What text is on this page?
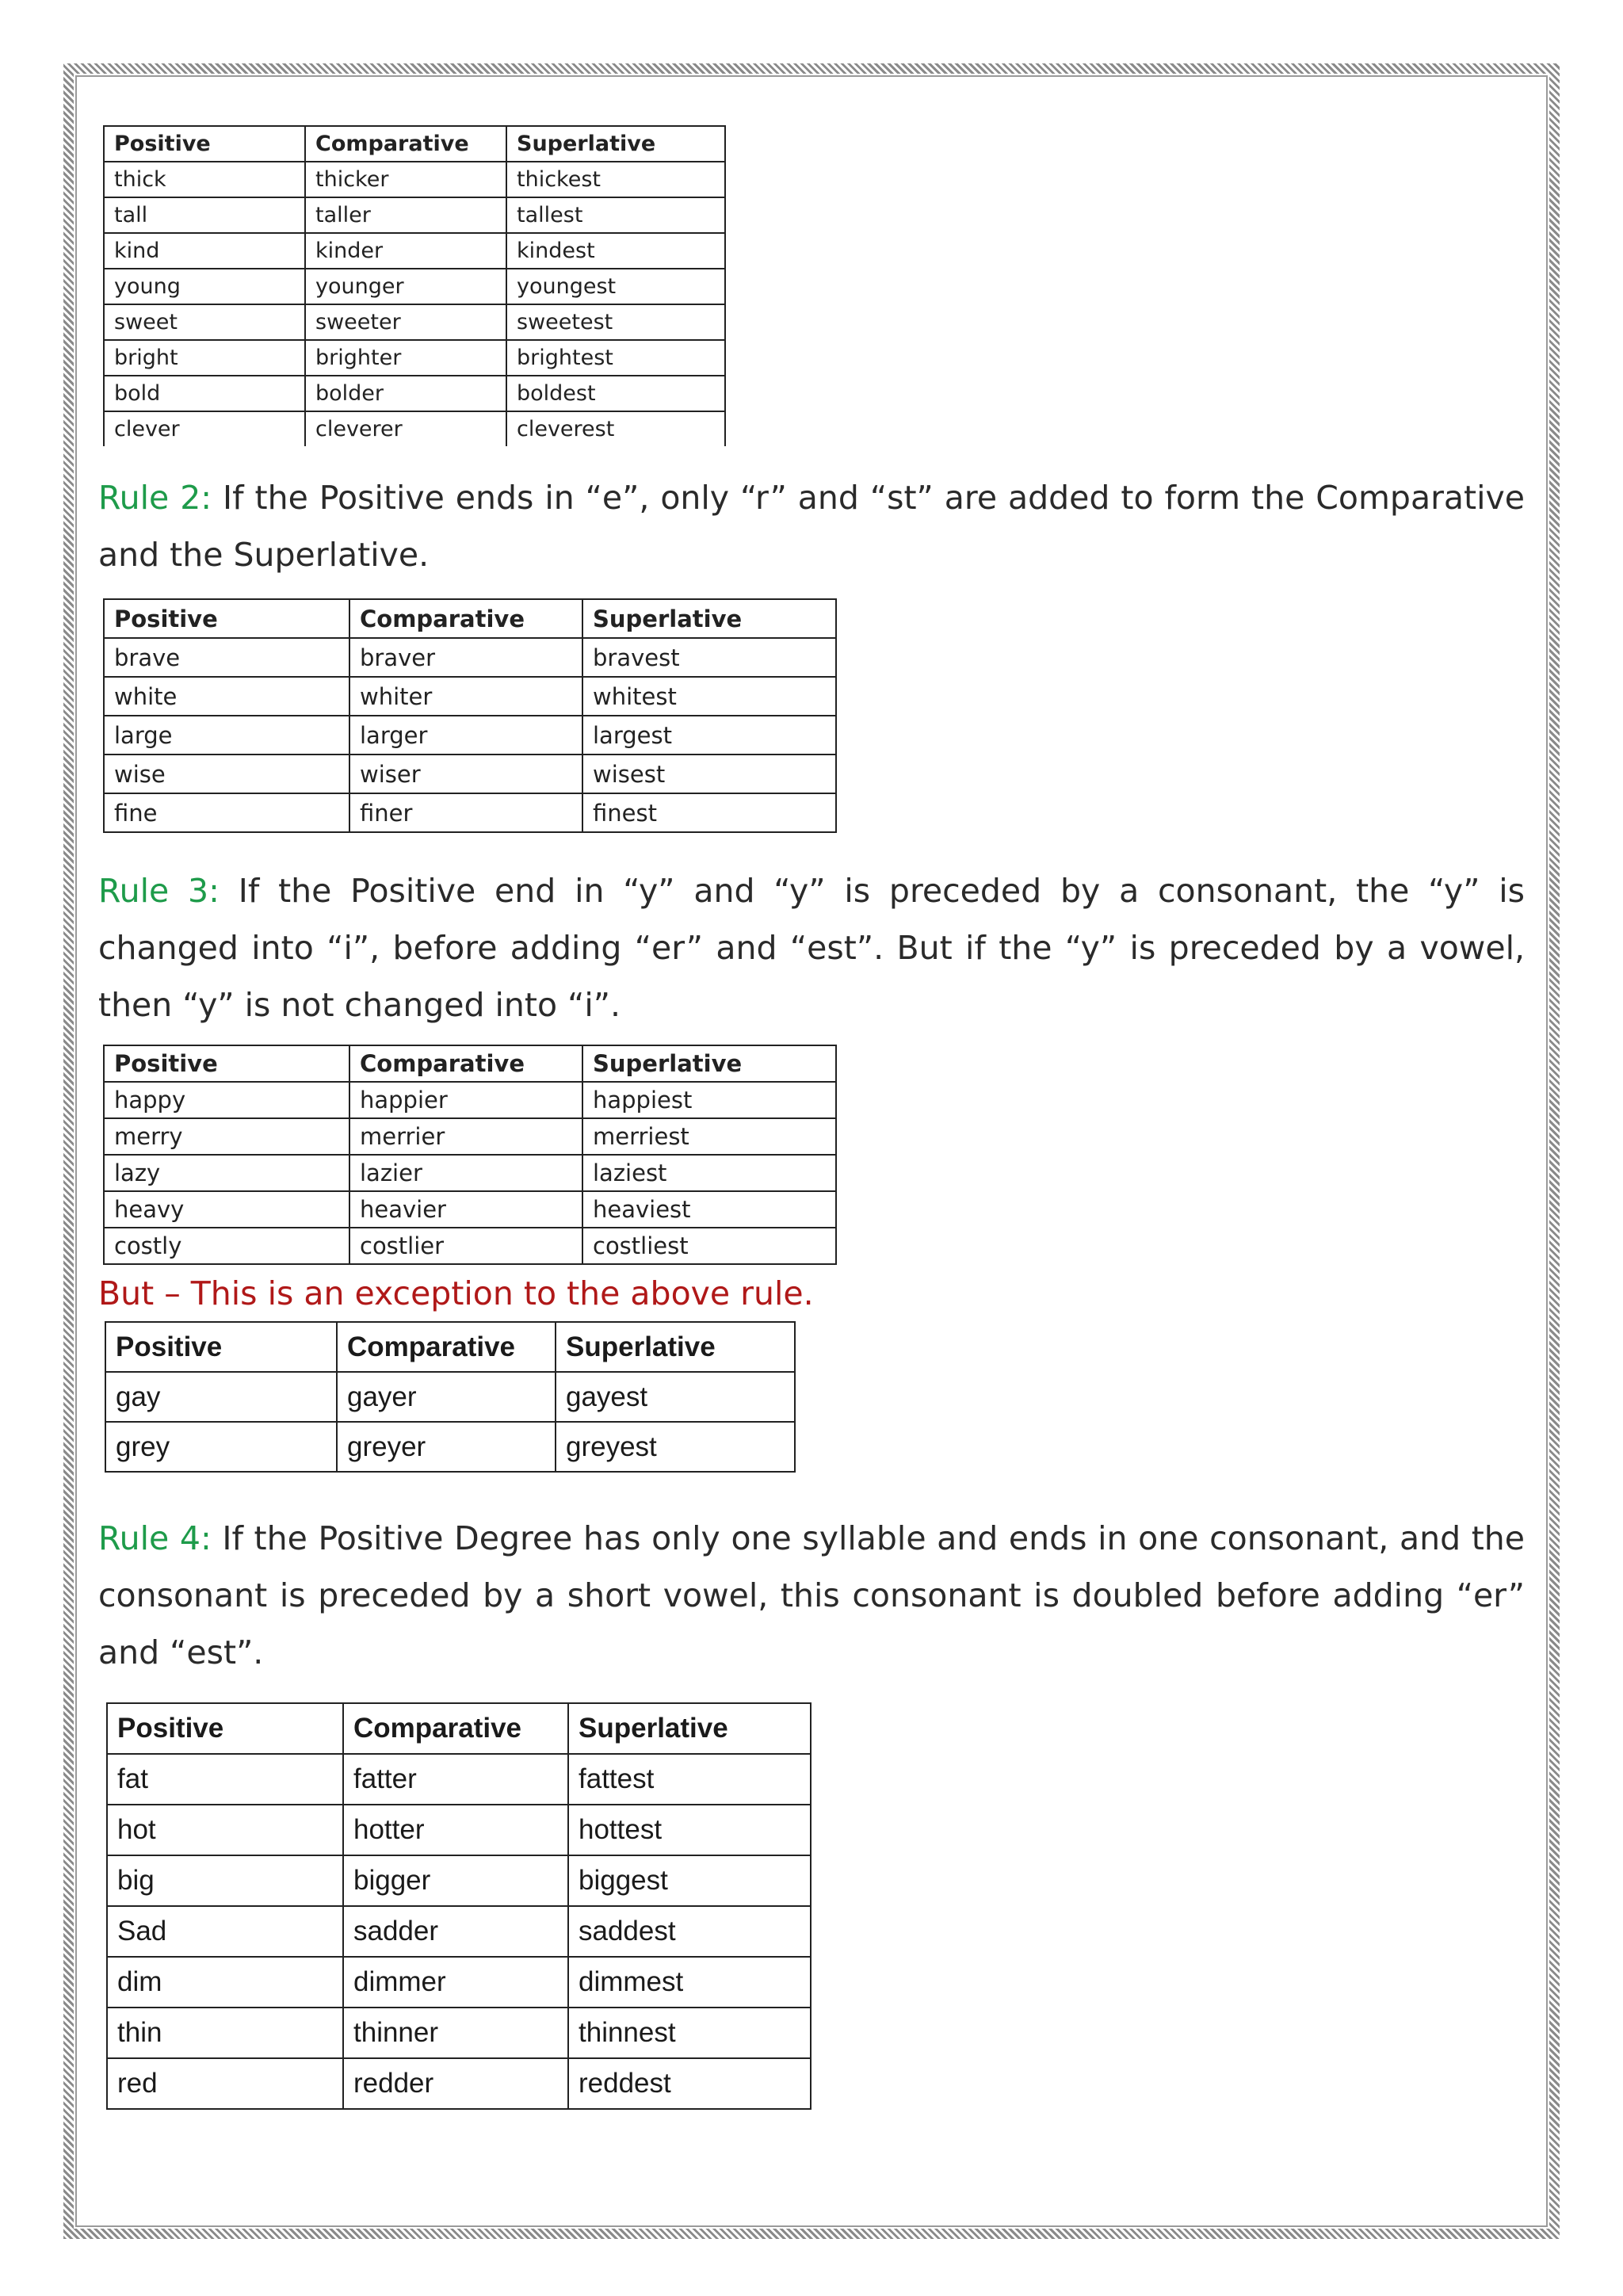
Positive	Comparative	Superlative
thick	thicker	thickest
tall	taller	tallest
kind	kinder	kindest
young	younger	youngest
sweet	sweeter	sweetest
bright	brighter	brightest
bold	bolder	boldest
clever	cleverer	cleverest

Rule 2: If the Positive ends in “e”, only “r” and “st” are added to form the Comparative and the Superlative.

Positive	Comparative	Superlative
brave	braver	bravest
white	whiter	whitest
large	larger	largest
wise	wiser	wisest
fine	finer	finest

Rule 3: If the Positive end in “y” and “y” is preceded by a consonant, the “y” is changed into “i”, before adding “er” and “est”. But if the “y” is preceded by a vowel, then “y” is not changed into “i”.

Positive	Comparative	Superlative
happy	happier	happiest
merry	merrier	merriest
lazy	lazier	laziest
heavy	heavier	heaviest
costly	costlier	costliest
But – This is an exception to the above rule.
Positive	Comparative	Superlative
gay	gayer	gayest
grey	greyer	greyest

Rule 4: If the Positive Degree has only one syllable and ends in one consonant, and the consonant is preceded by a short vowel, this consonant is doubled before adding “er” and “est”.

Positive	Comparative	Superlative
fat	fatter	fattest
hot	hotter	hottest
big	bigger	biggest
Sad	sadder	saddest
dim	dimmer	dimmest
thin	thinner	thinnest
red	redder	reddest
